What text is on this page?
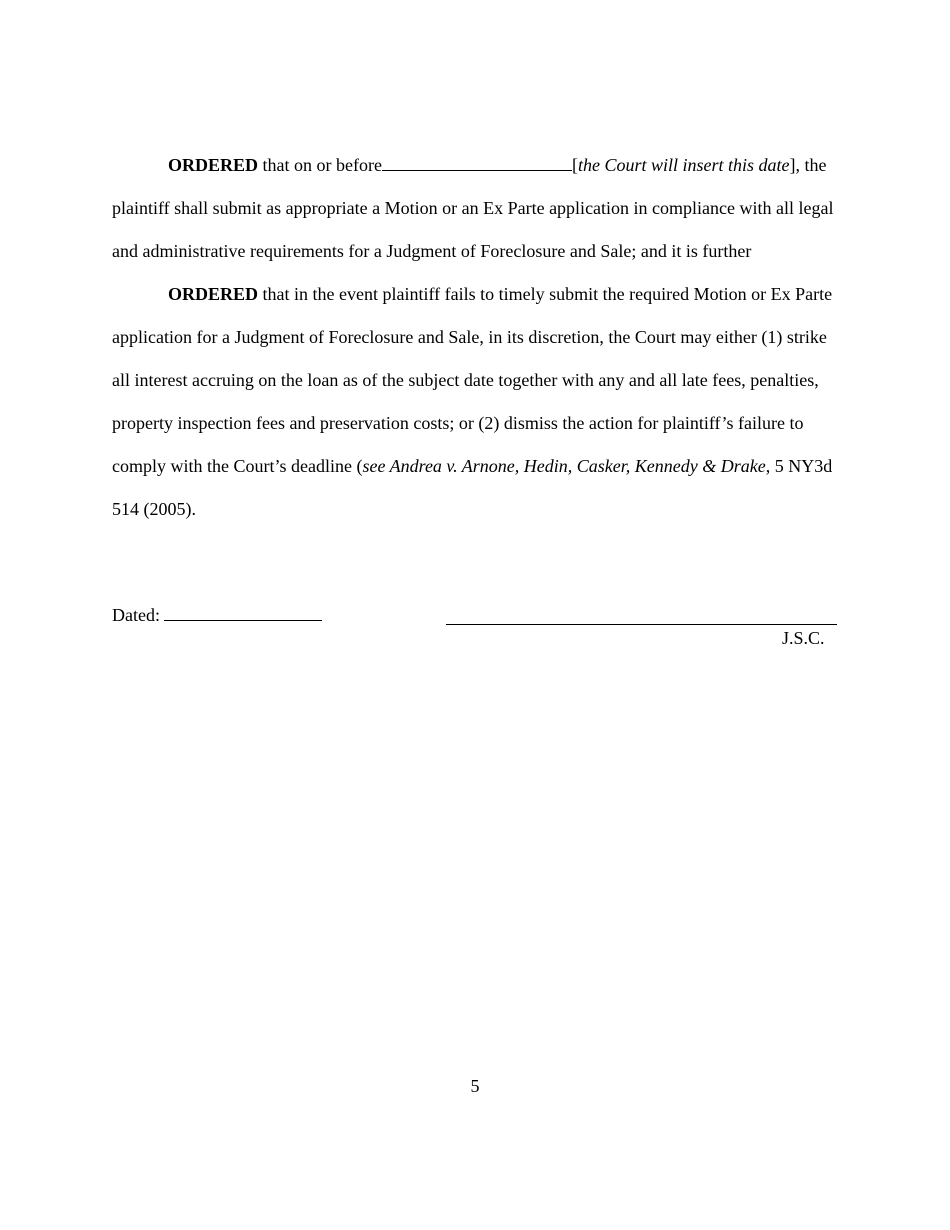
ORDERED that on or before	[the Court will insert this date], the plaintiff shall submit as appropriate a Motion or an Ex Parte application in compliance with all legal and administrative requirements for a Judgment of Foreclosure and Sale; and it is further

ORDERED that in the event plaintiff fails to timely submit the required Motion or Ex Parte application for a Judgment of Foreclosure and Sale, in its discretion, the Court may either (1) strike all interest accruing on the loan as of the subject date together with any and all late fees, penalties, property inspection fees and preservation costs; or (2) dismiss the action for plaintiff’s failure to comply with the Court’s deadline (see Andrea v. Arnone, Hedin, Casker, Kennedy & Drake, 5 NY3d 514 (2005).

Dated:
J.S.C.
5
